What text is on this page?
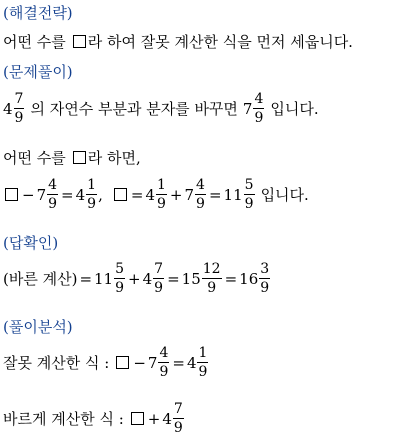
(해결전략)
어떤 수를 라 하여 잘못 계산한 식을 먼저 세웁니다.
(문제풀이)
$4 \frac{7}{9}$ 의 자연수 부분과 분자를 바꾸면 $7 \frac{4}{9}$ 입니다.
어떤 수를 라 하면,
− $7 \frac{4}{9} = 4 \frac{1}{9}$ , = $4 \frac{1}{9} + 7 \frac{4}{9} = 11 \frac{5}{9}$ 입니다.
(답확인)
(바른 계산) = $11 \frac{5}{9} + 4 \frac{7}{9} = 15 \frac{12}{9} = 16 \frac{3}{9}$
(풀이분석)
잘못 계산한 식 : − $7 \frac{4}{9} = 4 \frac{1}{9}$
바르게 계산한 식 : + $4 \frac{7}{9}$
